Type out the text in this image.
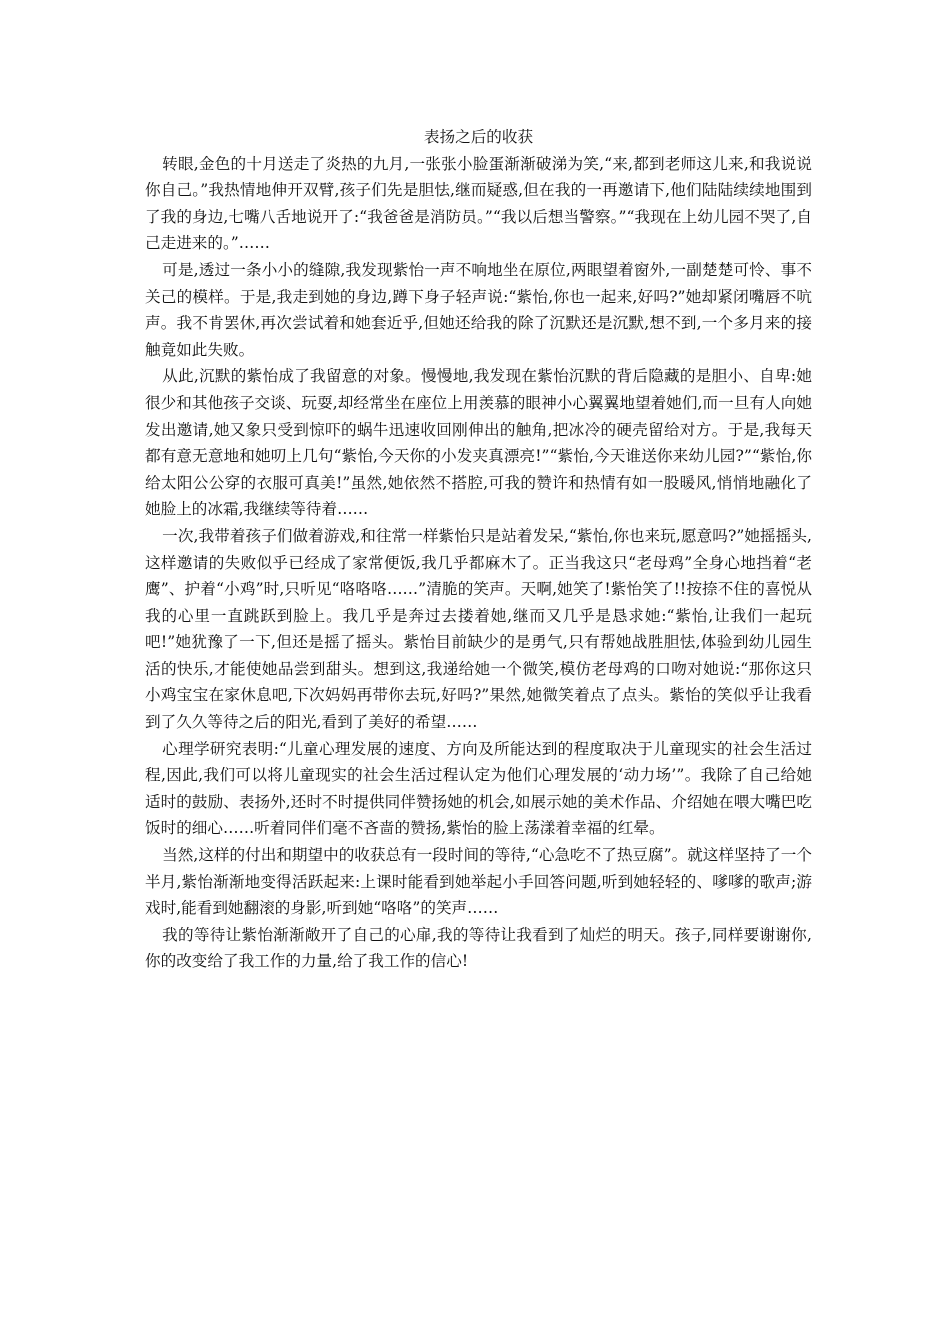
表扬之后的收获

转眼,金色的十月送走了炎热的九月,一张张小脸蛋渐渐破涕为笑,“来,都到老师这儿来,和我说说你自己。”我热情地伸开双臂,孩子们先是胆怯,继而疑惑,但在我的一再邀请下,他们陆陆续续地围到了我的身边,七嘴八舌地说开了:“我爸爸是消防员。”“我以后想当警察。”“我现在上幼儿园不哭了,自己走进来的。”……

可是,透过一条小小的缝隙,我发现紫怡一声不响地坐在原位,两眼望着窗外,一副楚楚可怜、事不关己的模样。于是,我走到她的身边,蹲下身子轻声说:“紫怡,你也一起来,好吗?”她却紧闭嘴唇不吭声。我不肯罢休,再次尝试着和她套近乎,但她还给我的除了沉默还是沉默,想不到,一个多月来的接触竟如此失败。

从此,沉默的紫怡成了我留意的对象。慢慢地,我发现在紫怡沉默的背后隐藏的是胆小、自卑:她很少和其他孩子交谈、玩耍,却经常坐在座位上用羡慕的眼神小心翼翼地望着她们,而一旦有人向她发出邀请,她又象只受到惊吓的蜗牛迅速收回刚伸出的触角,把冰冷的硬壳留给对方。于是,我每天都有意无意地和她叨上几句“紫怡,今天你的小发夹真漂亮!”“紫怡,今天谁送你来幼儿园?”“紫怡,你给太阳公公穿的衣服可真美!”虽然,她依然不搭腔,可我的赞许和热情有如一股暖风,悄悄地融化了她脸上的冰霜,我继续等待着……

一次,我带着孩子们做着游戏,和往常一样紫怡只是站着发呆,“紫怡,你也来玩,愿意吗?”她摇摇头,这样邀请的失败似乎已经成了家常便饭,我几乎都麻木了。正当我这只“老母鸡”全身心地挡着“老鹰”、护着“小鸡”时,只听见“咯咯咯……”清脆的笑声。天啊,她笑了!紫怡笑了!!按捺不住的喜悦从我的心里一直跳跃到脸上。我几乎是奔过去搂着她,继而又几乎是恳求她:“紫怡,让我们一起玩吧!”她犹豫了一下,但还是摇了摇头。紫怡目前缺少的是勇气,只有帮她战胜胆怯,体验到幼儿园生活的快乐,才能使她品尝到甜头。想到这,我递给她一个微笑,模仿老母鸡的口吻对她说:“那你这只小鸡宝宝在家休息吧,下次妈妈再带你去玩,好吗?”果然,她微笑着点了点头。紫怡的笑似乎让我看到了久久等待之后的阳光,看到了美好的希望……

心理学研究表明:“儿童心理发展的速度、方向及所能达到的程度取决于儿童现实的社会生活过程,因此,我们可以将儿童现实的社会生活过程认定为他们心理发展的‘动力场’”。我除了自己给她适时的鼓励、表扬外,还时不时提供同伴赞扬她的机会,如展示她的美术作品、介绍她在喂大嘴巴吃饭时的细心……听着同伴们毫不吝啬的赞扬,紫怡的脸上荡漾着幸福的红晕。

当然,这样的付出和期望中的收获总有一段时间的等待,“心急吃不了热豆腐”。就这样坚持了一个半月,紫怡渐渐地变得活跃起来:上课时能看到她举起小手回答问题,听到她轻轻的、嗲嗲的歌声;游戏时,能看到她翻滚的身影,听到她“咯咯”的笑声……

我的等待让紫怡渐渐敞开了自己的心扉,我的等待让我看到了灿烂的明天。孩子,同样要谢谢你,你的改变给了我工作的力量,给了我工作的信心!
